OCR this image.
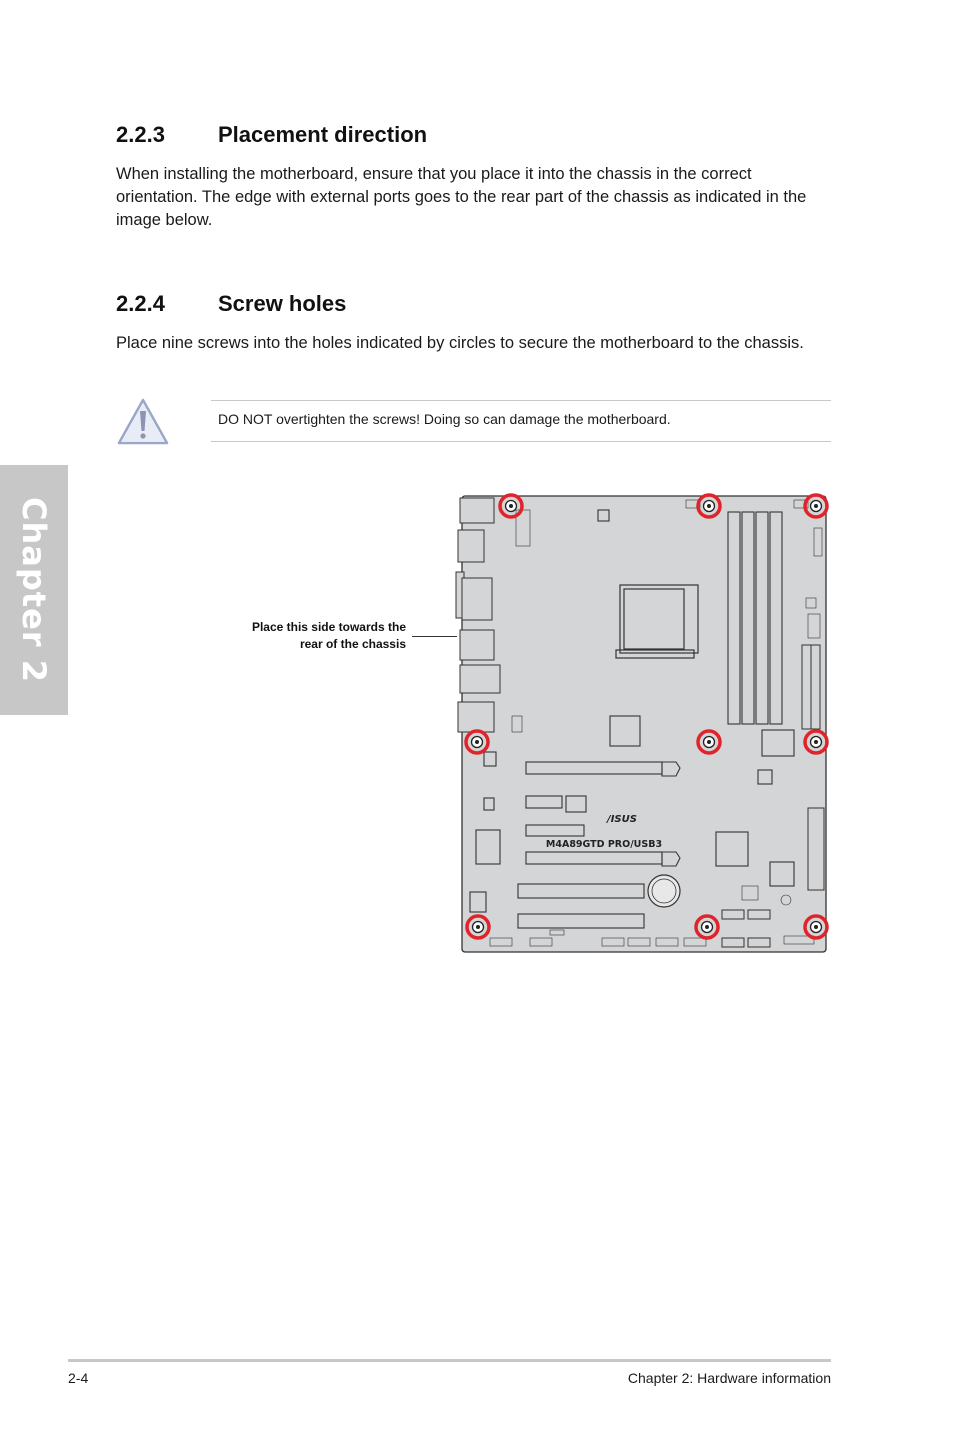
Chapter 2
2.2.3 Placement direction

When installing the motherboard, ensure that you place it into the chassis in the correct orientation. The edge with external ports goes to the rear part of the chassis as indicated in the image below.

2.2.4 Screw holes

Place nine screws into the holes indicated by circles to secure the motherboard to the chassis.

DO NOT overtighten the screws! Doing so can damage the motherboard.
Place this side towards the rear of the chassis
/ISUS
M4A89GTD PRO/USB3
2-4	Chapter 2: Hardware information
